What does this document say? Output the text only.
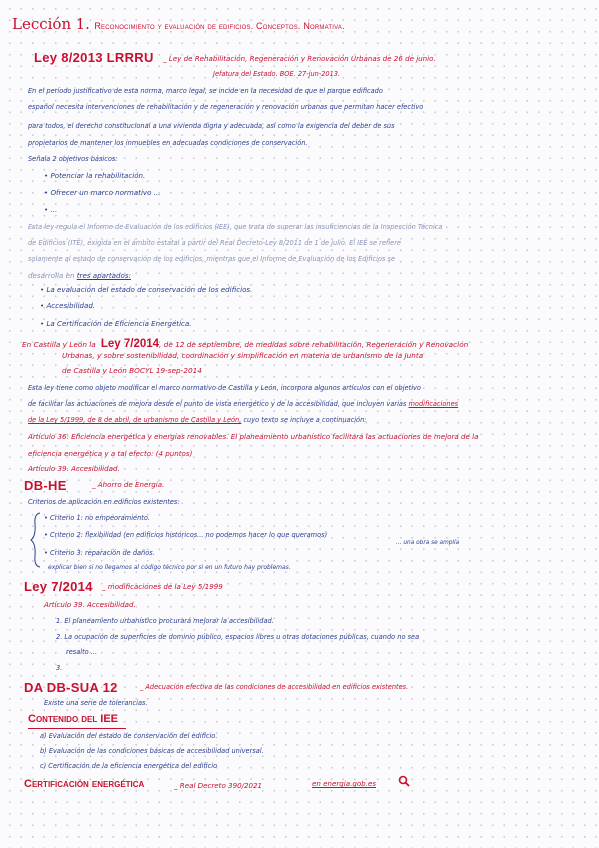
Lección 1. Reconocimiento y evaluación de edificios. Conceptos. Normativa.
Ley 8/2013 LRRRU _ Ley de Rehabilitación, Regeneración y Renovación Urbanas de 26 de junio.
Jefatura del Estado. BOE. 27-jun-2013.
En el período justificativo de esta norma, marco legal, se incide en la necesidad de que el parque edificado
español necesita intervenciones de rehabilitación y de regeneración y renovación urbanas que permitan hacer efectivo
para todos, el derecho constitucional a una vivienda digna y adecuada, así como la exigencia del deber de sus
propietarios de mantener los inmuebles en adecuadas condiciones de conservación.
Señala 2 objetivos básicos:
• Potenciar la rehabilitación.
• Ofrecer un marco normativo ...
• ...
Esta ley regula el Informe de Evaluación de los edificios (IEE), que trata de superar las insuficiencias de la Inspección Técnica
de Edificios (ITE), exigida en el ámbito estatal a partir del Real Decreto-Ley 8/2011 de 1 de julio. El IEE se refiere
solamente al estado de conservación de los edificios, mientras que el Informe de Evaluación de los Edificios se
desarrolla en tres apartados:
• La evaluación del estado de conservación de los edificios.
• Accesibilidad.
• La Certificación de Eficiencia Energética.
En Castilla y León la Ley 7/2014, de 12 de septiembre, de medidas sobre rehabilitación, Regeneración y Renovación
Urbanas, y sobre sostenibilidad, coordinación y simplificación en materia de urbanismo de la Junta
de Castilla y León BOCYL 19-sep-2014
Esta ley tiene como objeto modificar el marco normativo de Castilla y León, incorpora algunos artículos con el objetivo
de facilitar las actuaciones de mejora desde el punto de vista energético y de la accesibilidad, que incluyen varias modificaciones
de la Ley 5/1999, de 8 de abril, de urbanismo de Castilla y León, cuyo texto se incluye a continuación:
Artículo 36: Eficiencia energética y energías renovables. El planeamiento urbanístico facilitará las actuaciones de mejora de la
eficiencia energética y a tal efecto: (4 puntos)
Artículo 39. Accesibilidad.
DB-HE	_ Ahorro de Energía.
Criterios de aplicación en edificios existentes:
• Criterio 1: no empeoramiento.
• Criterio 2: flexibilidad (en edificios históricos... no podemos hacer lo que queramos)
... una obra se amplía
• Criterio 3: reparación de daños.
explicar bien si no llegamos al código técnico por si en un futuro hay problemas.
Ley 7/2014 _ modificaciones de la Ley 5/1999
Artículo 39. Accesibilidad.
1. El planeamiento urbanístico procurará mejorar la accesibilidad.
2. La ocupación de superficies de dominio público, espacios libres u otras dotaciones públicas, cuando no sea
resalto ...
3.
DA DB-SUA 12	_ Adecuación efectiva de las condiciones de accesibilidad en edificios existentes.
Existe una serie de tolerancias.
Contenido del IEE
a) Evaluación del estado de conservación del edificio.
b) Evaluación de las condiciones básicas de accesibilidad universal.
c) Certificación de la eficiencia energética del edificio
Certificación energética	_ Real Decreto 390/2021	en energia.gob.es
